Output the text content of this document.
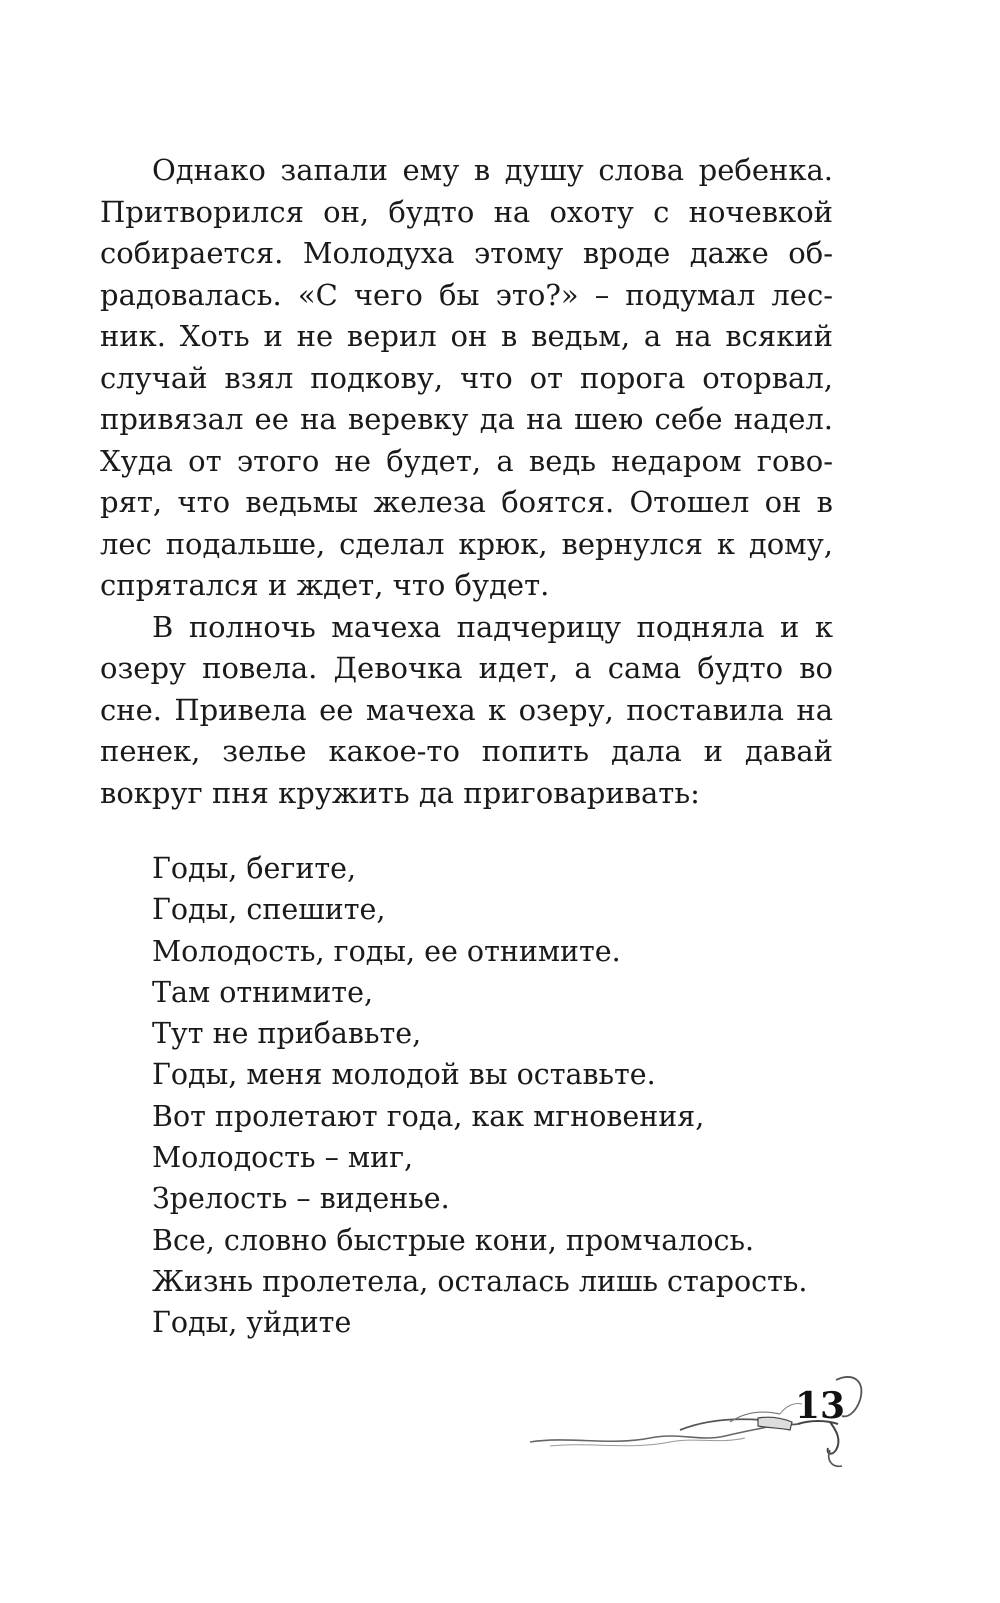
Однако запали ему в душу слова ребенка.
Притворился он, будто на охоту с ночевкой
собирается. Молодуха этому вроде даже об-
радовалась. «С чего бы это?» – подумал лес-
ник. Хоть и не верил он в ведьм, а на всякий
случай взял подкову, что от порога оторвал,
привязал ее на веревку да на шею себе надел.
Худа от этого не будет, а ведь недаром гово-
рят, что ведьмы железа боятся. Отошел он в
лес подальше, сделал крюк, вернулся к дому,
спрятался и ждет, что будет.
В полночь мачеха падчерицу подняла и к
озеру повела. Девочка идет, а сама будто во
сне. Привела ее мачеха к озеру, поставила на
пенек, зелье какое-то попить дала и давай
вокруг пня кружить да приговаривать:
Годы, бегите,
Годы, спешите,
Молодость, годы, ее отнимите.
Там отнимите,
Тут не прибавьте,
Годы, меня молодой вы оставьте.
Вот пролетают года, как мгновения,
Молодость – миг,
Зрелость – виденье.
Все, словно быстрые кони, промчалось.
Жизнь пролетела, осталась лишь старость.
Годы, уйдите
13
